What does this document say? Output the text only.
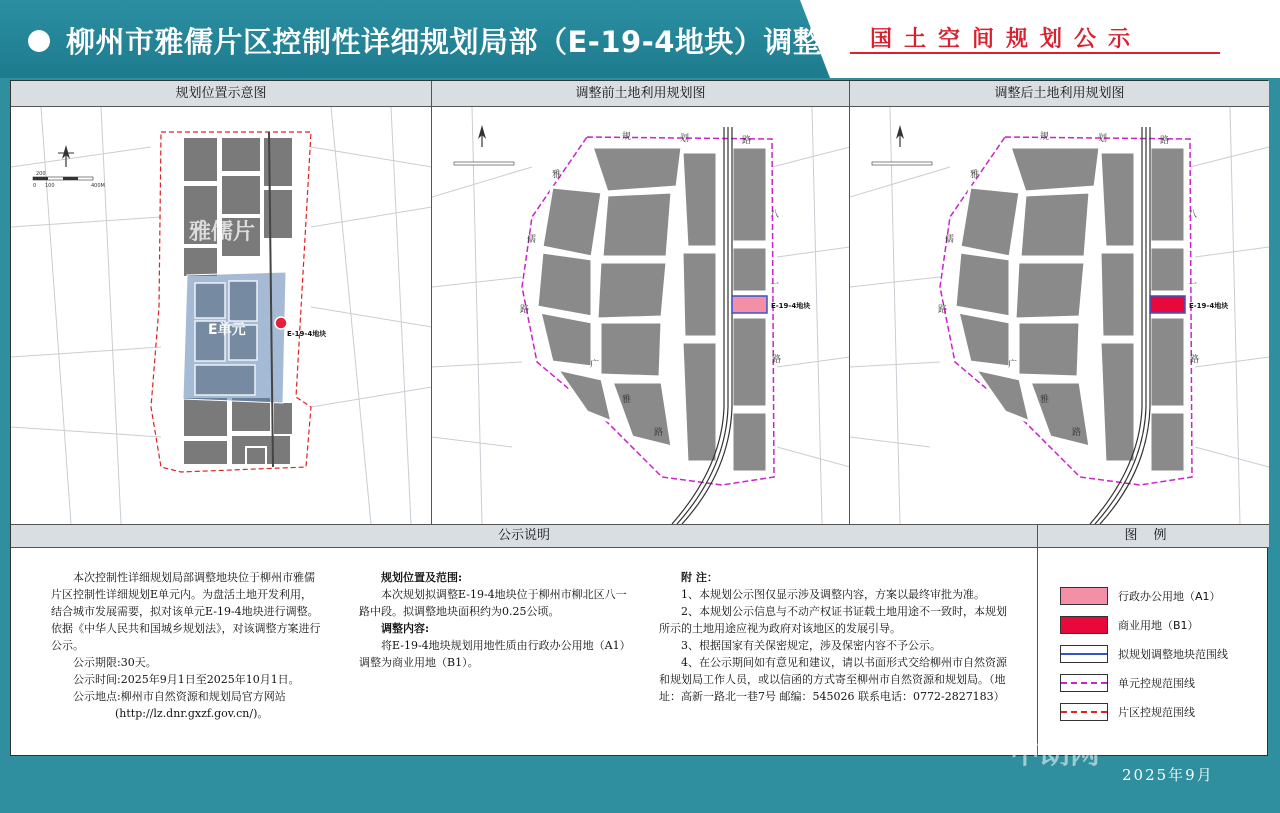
柳州市雅儒片区控制性详细规划局部（E-19-4地块）调整 国土空间规划公示
规划位置示意图	调整前土地利用规划图	调整后土地利用规划图
200
0 100	400M
雅儒片
E单元	E-19-4地块
E-19-4地块
规	划	路
雅
儒
路
广
雅
路
八
一
路
E-19-4地块
规	划	路
雅
儒
路
广
雅
路
八
一
路
公示说明	图例

本次控制性详细规划局部调整地块位于柳州市雅儒片区控制性详细规划E单元内。为盘活土地开发利用，结合城市发展需要，拟对该单元E-19-4地块进行调整。依据《中华人民共和国城乡规划法》，对该调整方案进行公示。

公示期限:30天。

公示时间:2025年9月1日至2025年10月1日。

公示地点:柳州市自然资源和规划局官方网站

(http://lz.dnr.gxzf.gov.cn/)。

规划位置及范围:

本次规划拟调整E-19-4地块位于柳州市柳北区八一路中段。拟调整地块面积约为0.25公顷。

调整内容:

将E-19-4地块规划用地性质由行政办公用地（A1）调整为商业用地（B1）。

附 注：

1、本规划公示图仅显示涉及调整内容，方案以最终审批为准。

2、本规划公示信息与不动产权证书证载土地用途不一致时，本规划所示的土地用途应视为政府对该地区的发展引导。

3、根据国家有关保密规定，涉及保密内容不予公示。

4、在公示期间如有意见和建议，请以书面形式交给柳州市自然资源和规划局工作人员，或以信函的方式寄至柳州市自然资源和规划局。（地址：高新一路北一巷7号 邮编：545026 联系电话：0772-2827183）

行政办公用地（A1）
商业用地（B1）
拟规划调整地块范围线
单元控规范围线
片区控规范围线
中朗网
2025年9月
